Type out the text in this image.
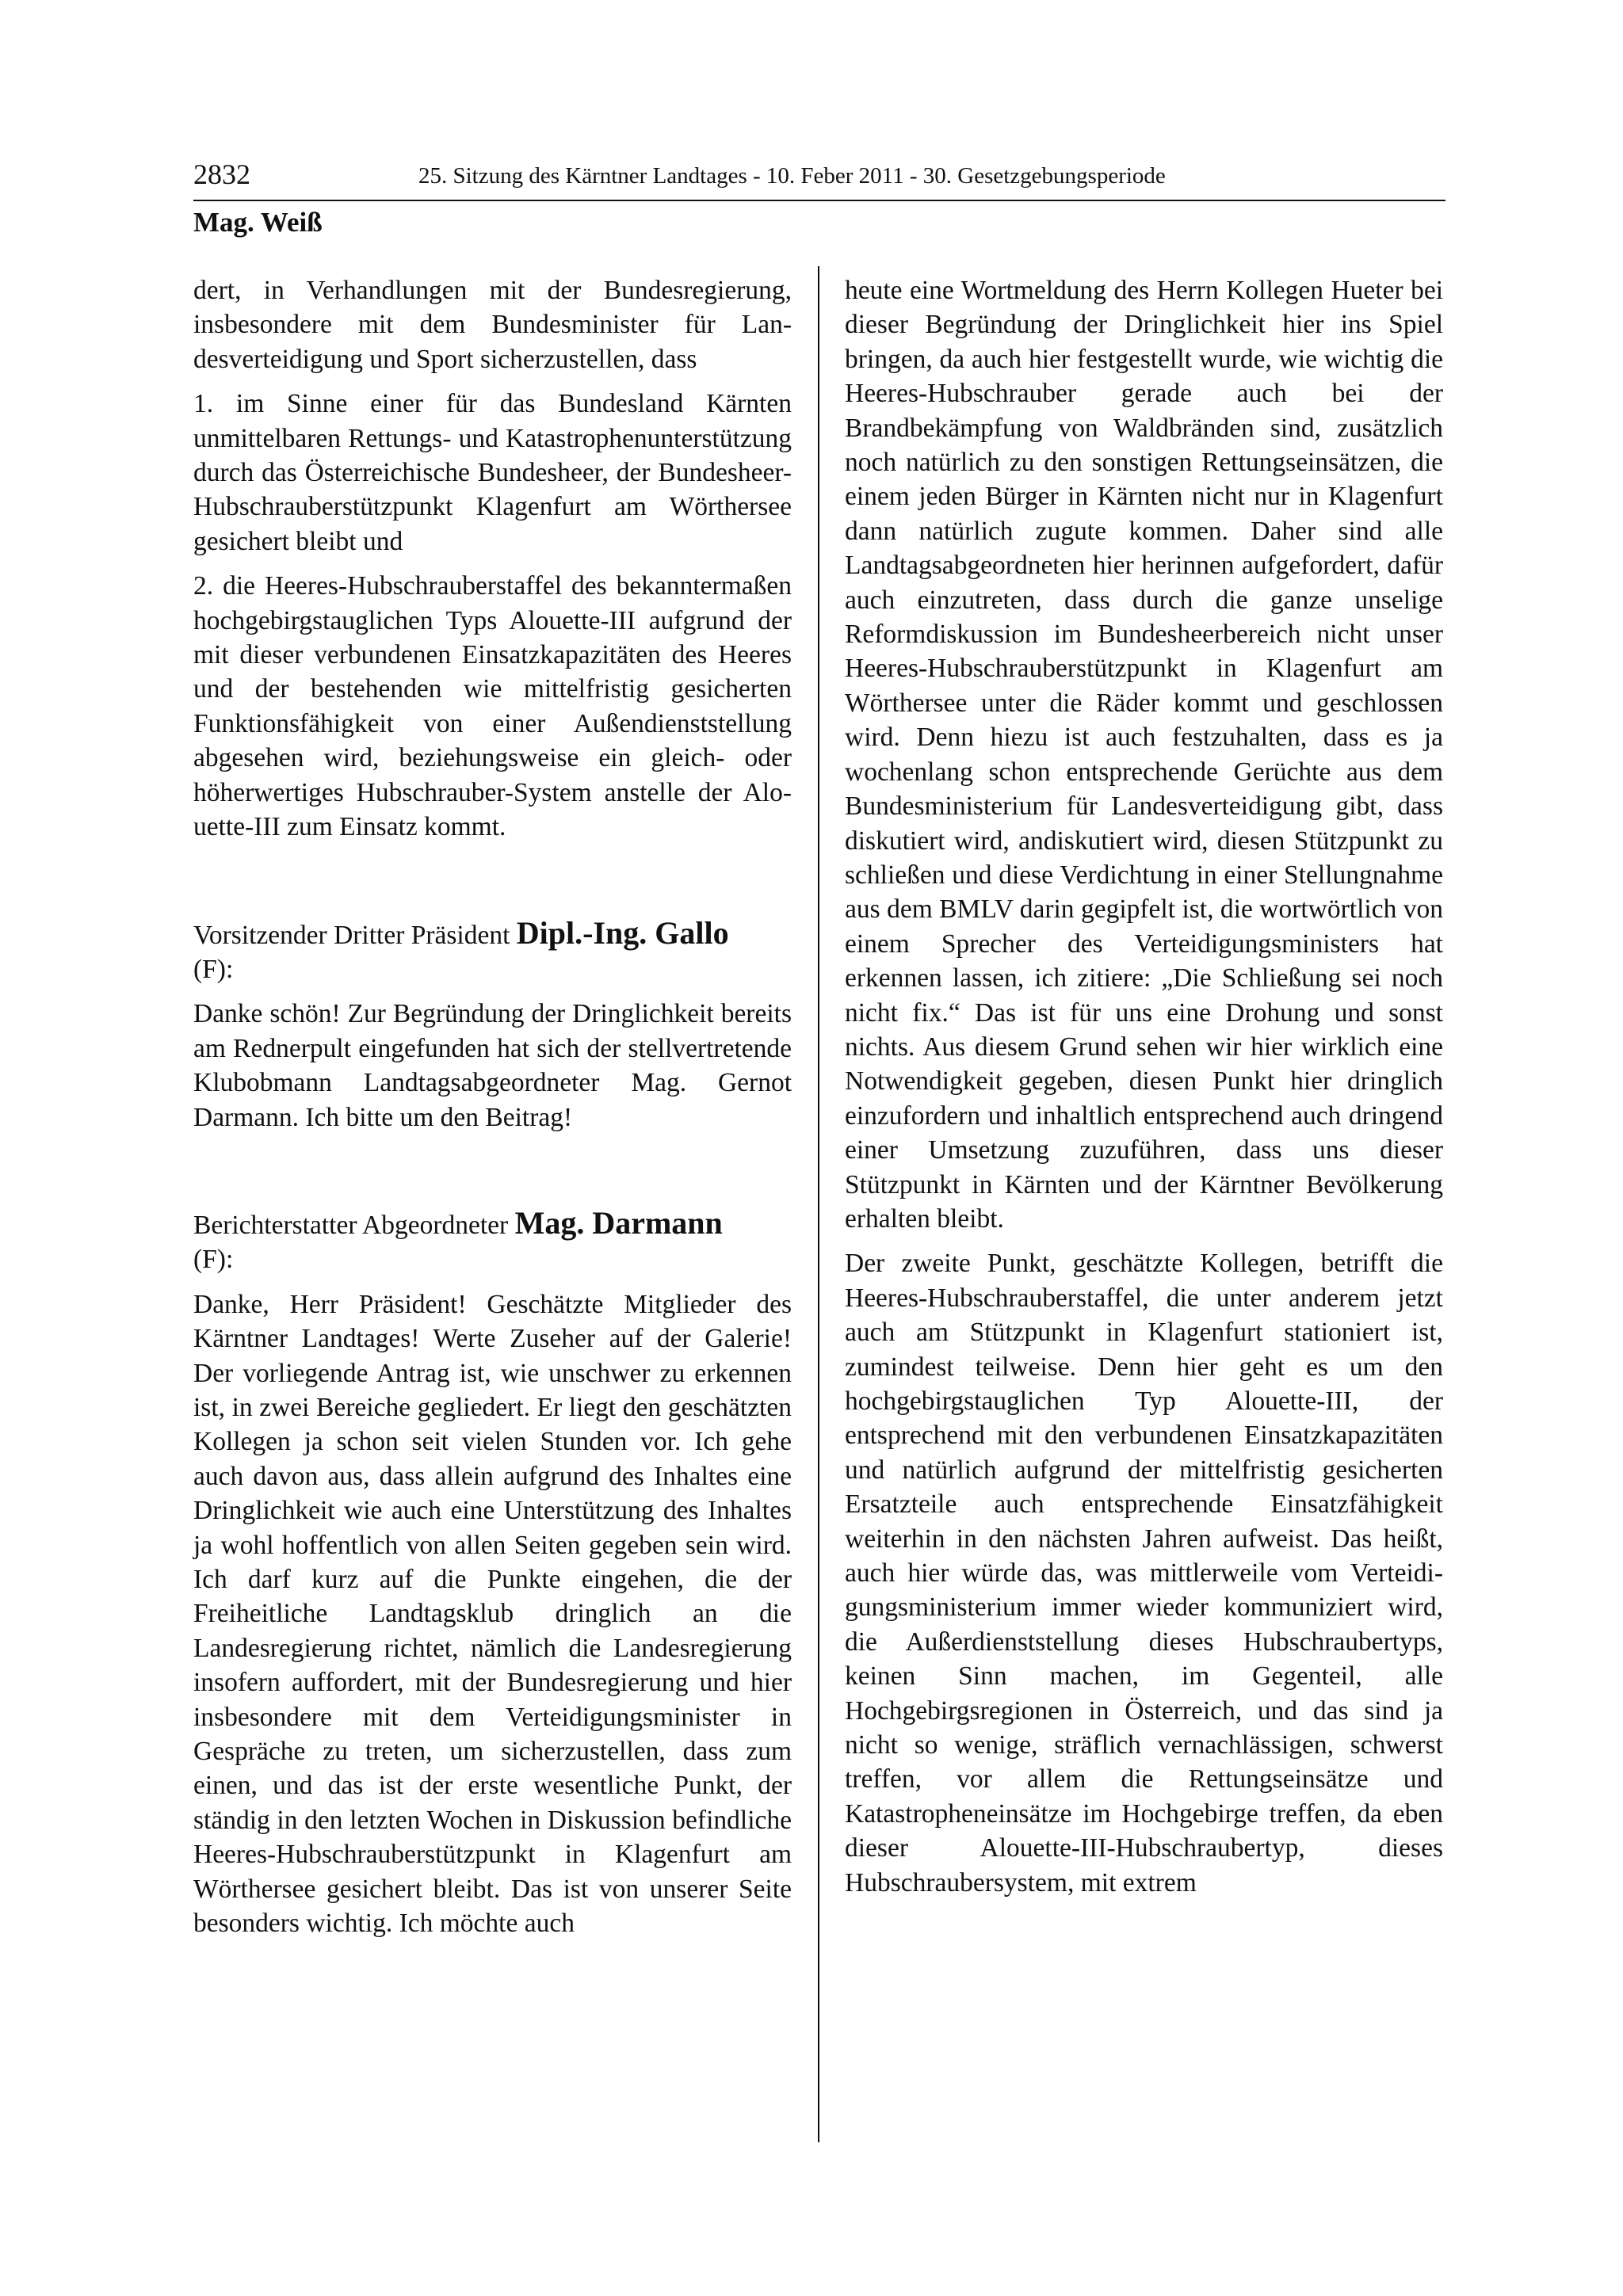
2832	25. Sitzung des Kärntner Landtages - 10. Feber 2011 - 30. Gesetzgebungsperiode
Mag. Weiß

dert, in Verhandlungen mit der Bundesregierung, insbesondere mit dem Bundesminister für Landesverteidigung und Sport sicherzustellen, dass

1. im Sinne einer für das Bundesland Kärnten unmittelbaren Rettungs- und Katastrophenunterstützung durch das Österreichische Bundesheer, der Bundesheer-Hubschrauberstützpunkt Klagenfurt am Wörthersee gesichert bleibt und

2. die Heeres-Hubschrauberstaffel des bekanntermaßen hochgebirgstauglichen Typs Alouette-III aufgrund der mit dieser verbundenen Einsatzkapazitäten des Heeres und der bestehenden wie mittelfristig gesicherten Funktionsfähigkeit von einer Außendienststellung abgesehen wird, beziehungsweise ein gleich- oder höherwertiges Hubschrauber-System anstelle der Alouette-III zum Einsatz kommt.

Vorsitzender Dritter Präsident Dipl.-Ing. Gallo
(F):

Danke schön! Zur Begründung der Dringlichkeit bereits am Rednerpult eingefunden hat sich der stellvertretende Klubobmann Landtagsabgeordneter Mag. Gernot Darmann. Ich bitte um den Beitrag!

Berichterstatter Abgeordneter Mag. Darmann
(F):

Danke, Herr Präsident! Geschätzte Mitglieder des Kärntner Landtages! Werte Zuseher auf der Galerie! Der vorliegende Antrag ist, wie unschwer zu erkennen ist, in zwei Bereiche gegliedert. Er liegt den geschätzten Kollegen ja schon seit vielen Stunden vor. Ich gehe auch davon aus, dass allein aufgrund des Inhaltes eine Dringlichkeit wie auch eine Unterstützung des Inhaltes ja wohl hoffentlich von allen Seiten gegeben sein wird. Ich darf kurz auf die Punkte eingehen, die der Freiheitliche Landtagsklub dringlich an die Landesregierung richtet, nämlich die Landesregierung insofern auffordert, mit der Bundesregierung und hier insbesondere mit dem Verteidigungsminister in Gespräche zu treten, um sicherzustellen, dass zum einen, und das ist der erste wesentliche Punkt, der ständig in den letzten Wochen in Diskussion befindliche Heeres-Hubschrauberstützpunkt in Klagenfurt am Wörthersee gesichert bleibt. Das ist von unserer Seite besonders wichtig. Ich möchte auch

heute eine Wortmeldung des Herrn Kollegen Hueter bei dieser Begründung der Dringlichkeit hier ins Spiel bringen, da auch hier festgestellt wurde, wie wichtig die Heeres-Hubschrauber gerade auch bei der Brandbekämpfung von Waldbränden sind, zusätzlich noch natürlich zu den sonstigen Rettungseinsätzen, die einem jeden Bürger in Kärnten nicht nur in Klagenfurt dann natürlich zugute kommen. Daher sind alle Landtagsabgeordneten hier herinnen aufgefordert, dafür auch einzutreten, dass durch die ganze unselige Reformdiskussion im Bundesheerbereich nicht unser Heeres-Hubschrauberstützpunkt in Klagenfurt am Wörthersee unter die Räder kommt und geschlossen wird. Denn hiezu ist auch festzuhalten, dass es ja wochenlang schon entsprechende Gerüchte aus dem Bundesministerium für Landesverteidigung gibt, dass diskutiert wird, andiskutiert wird, diesen Stützpunkt zu schließen und diese Verdichtung in einer Stellungnahme aus dem BMLV darin gegipfelt ist, die wortwörtlich von einem Sprecher des Verteidigungsministers hat erkennen lassen, ich zitiere: „Die Schließung sei noch nicht fix.“ Das ist für uns eine Drohung und sonst nichts. Aus diesem Grund sehen wir hier wirklich eine Notwendigkeit gegeben, diesen Punkt hier dringlich einzufordern und inhaltlich entsprechend auch dringend einer Umsetzung zuzuführen, dass uns dieser Stützpunkt in Kärnten und der Kärntner Bevölkerung erhalten bleibt.

Der zweite Punkt, geschätzte Kollegen, betrifft die Heeres-Hubschrauberstaffel, die unter anderem jetzt auch am Stützpunkt in Klagenfurt stationiert ist, zumindest teilweise. Denn hier geht es um den hochgebirgstauglichen Typ Alouette-III, der entsprechend mit den verbundenen Einsatzkapazitäten und natürlich aufgrund der mittelfristig gesicherten Ersatzteile auch entsprechende Einsatzfähigkeit weiterhin in den nächsten Jahren aufweist. Das heißt, auch hier würde das, was mittlerweile vom Verteidigungsministerium immer wieder kommuniziert wird, die Außerdienststellung dieses Hubschraubertyps, keinen Sinn machen, im Gegenteil, alle Hochgebirgsregionen in Österreich, und das sind ja nicht so wenige, sträflich vernachlässigen, schwerst treffen, vor allem die Rettungseinsätze und Katastropheneinsätze im Hochgebirge treffen, da eben dieser Alouette-III-Hubschraubertyp, dieses Hubschraubersystem, mit extrem
